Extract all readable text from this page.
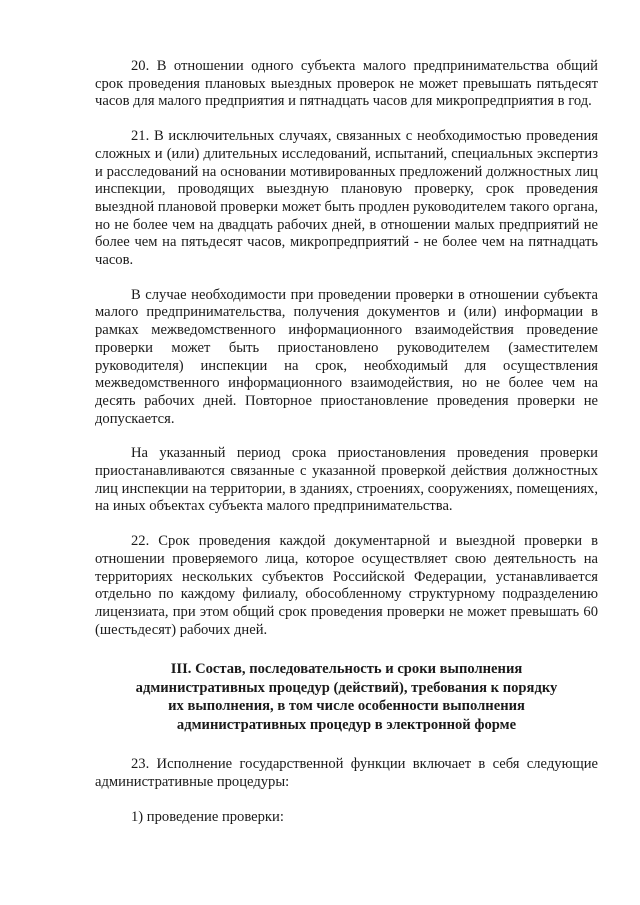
20. В отношении одного субъекта малого предпринимательства общий срок проведения плановых выездных проверок не может превышать пятьдесят часов для малого предприятия и пятнадцать часов для микропредприятия в год.

21. В исключительных случаях, связанных с необходимостью проведения сложных и (или) длительных исследований, испытаний, специальных экспертиз и расследований на основании мотивированных предложений должностных лиц инспекции, проводящих выездную плановую проверку, срок проведения выездной плановой проверки может быть продлен руководителем такого органа, но не более чем на двадцать рабочих дней, в отношении малых предприятий не более чем на пятьдесят часов, микропредприятий - не более чем на пятнадцать часов.

В случае необходимости при проведении проверки в отношении субъекта малого предпринимательства, получения документов и (или) информации в рамках межведомственного информационного взаимодействия проведение проверки может быть приостановлено руководителем (заместителем руководителя) инспекции на срок, необходимый для осуществления межведомственного информационного взаимодействия, но не более чем на десять рабочих дней. Повторное приостановление проведения проверки не допускается.

На указанный период срока приостановления проведения проверки приостанавливаются связанные с указанной проверкой действия должностных лиц инспекции на территории, в зданиях, строениях, сооружениях, помещениях, на иных объектах субъекта малого предпринимательства.

22. Срок проведения каждой документарной и выездной проверки в отношении проверяемого лица, которое осуществляет свою деятельность на территориях нескольких субъектов Российской Федерации, устанавливается отдельно по каждому филиалу, обособленному структурному подразделению лицензиата, при этом общий срок проведения проверки не может превышать 60 (шестьдесят) рабочих дней.

III. Состав, последовательность и сроки выполнения
административных процедур (действий), требования к порядку
их выполнения, в том числе особенности выполнения
административных процедур в электронной форме

23. Исполнение государственной функции включает в себя следующие административные процедуры:

1) проведение проверки:
